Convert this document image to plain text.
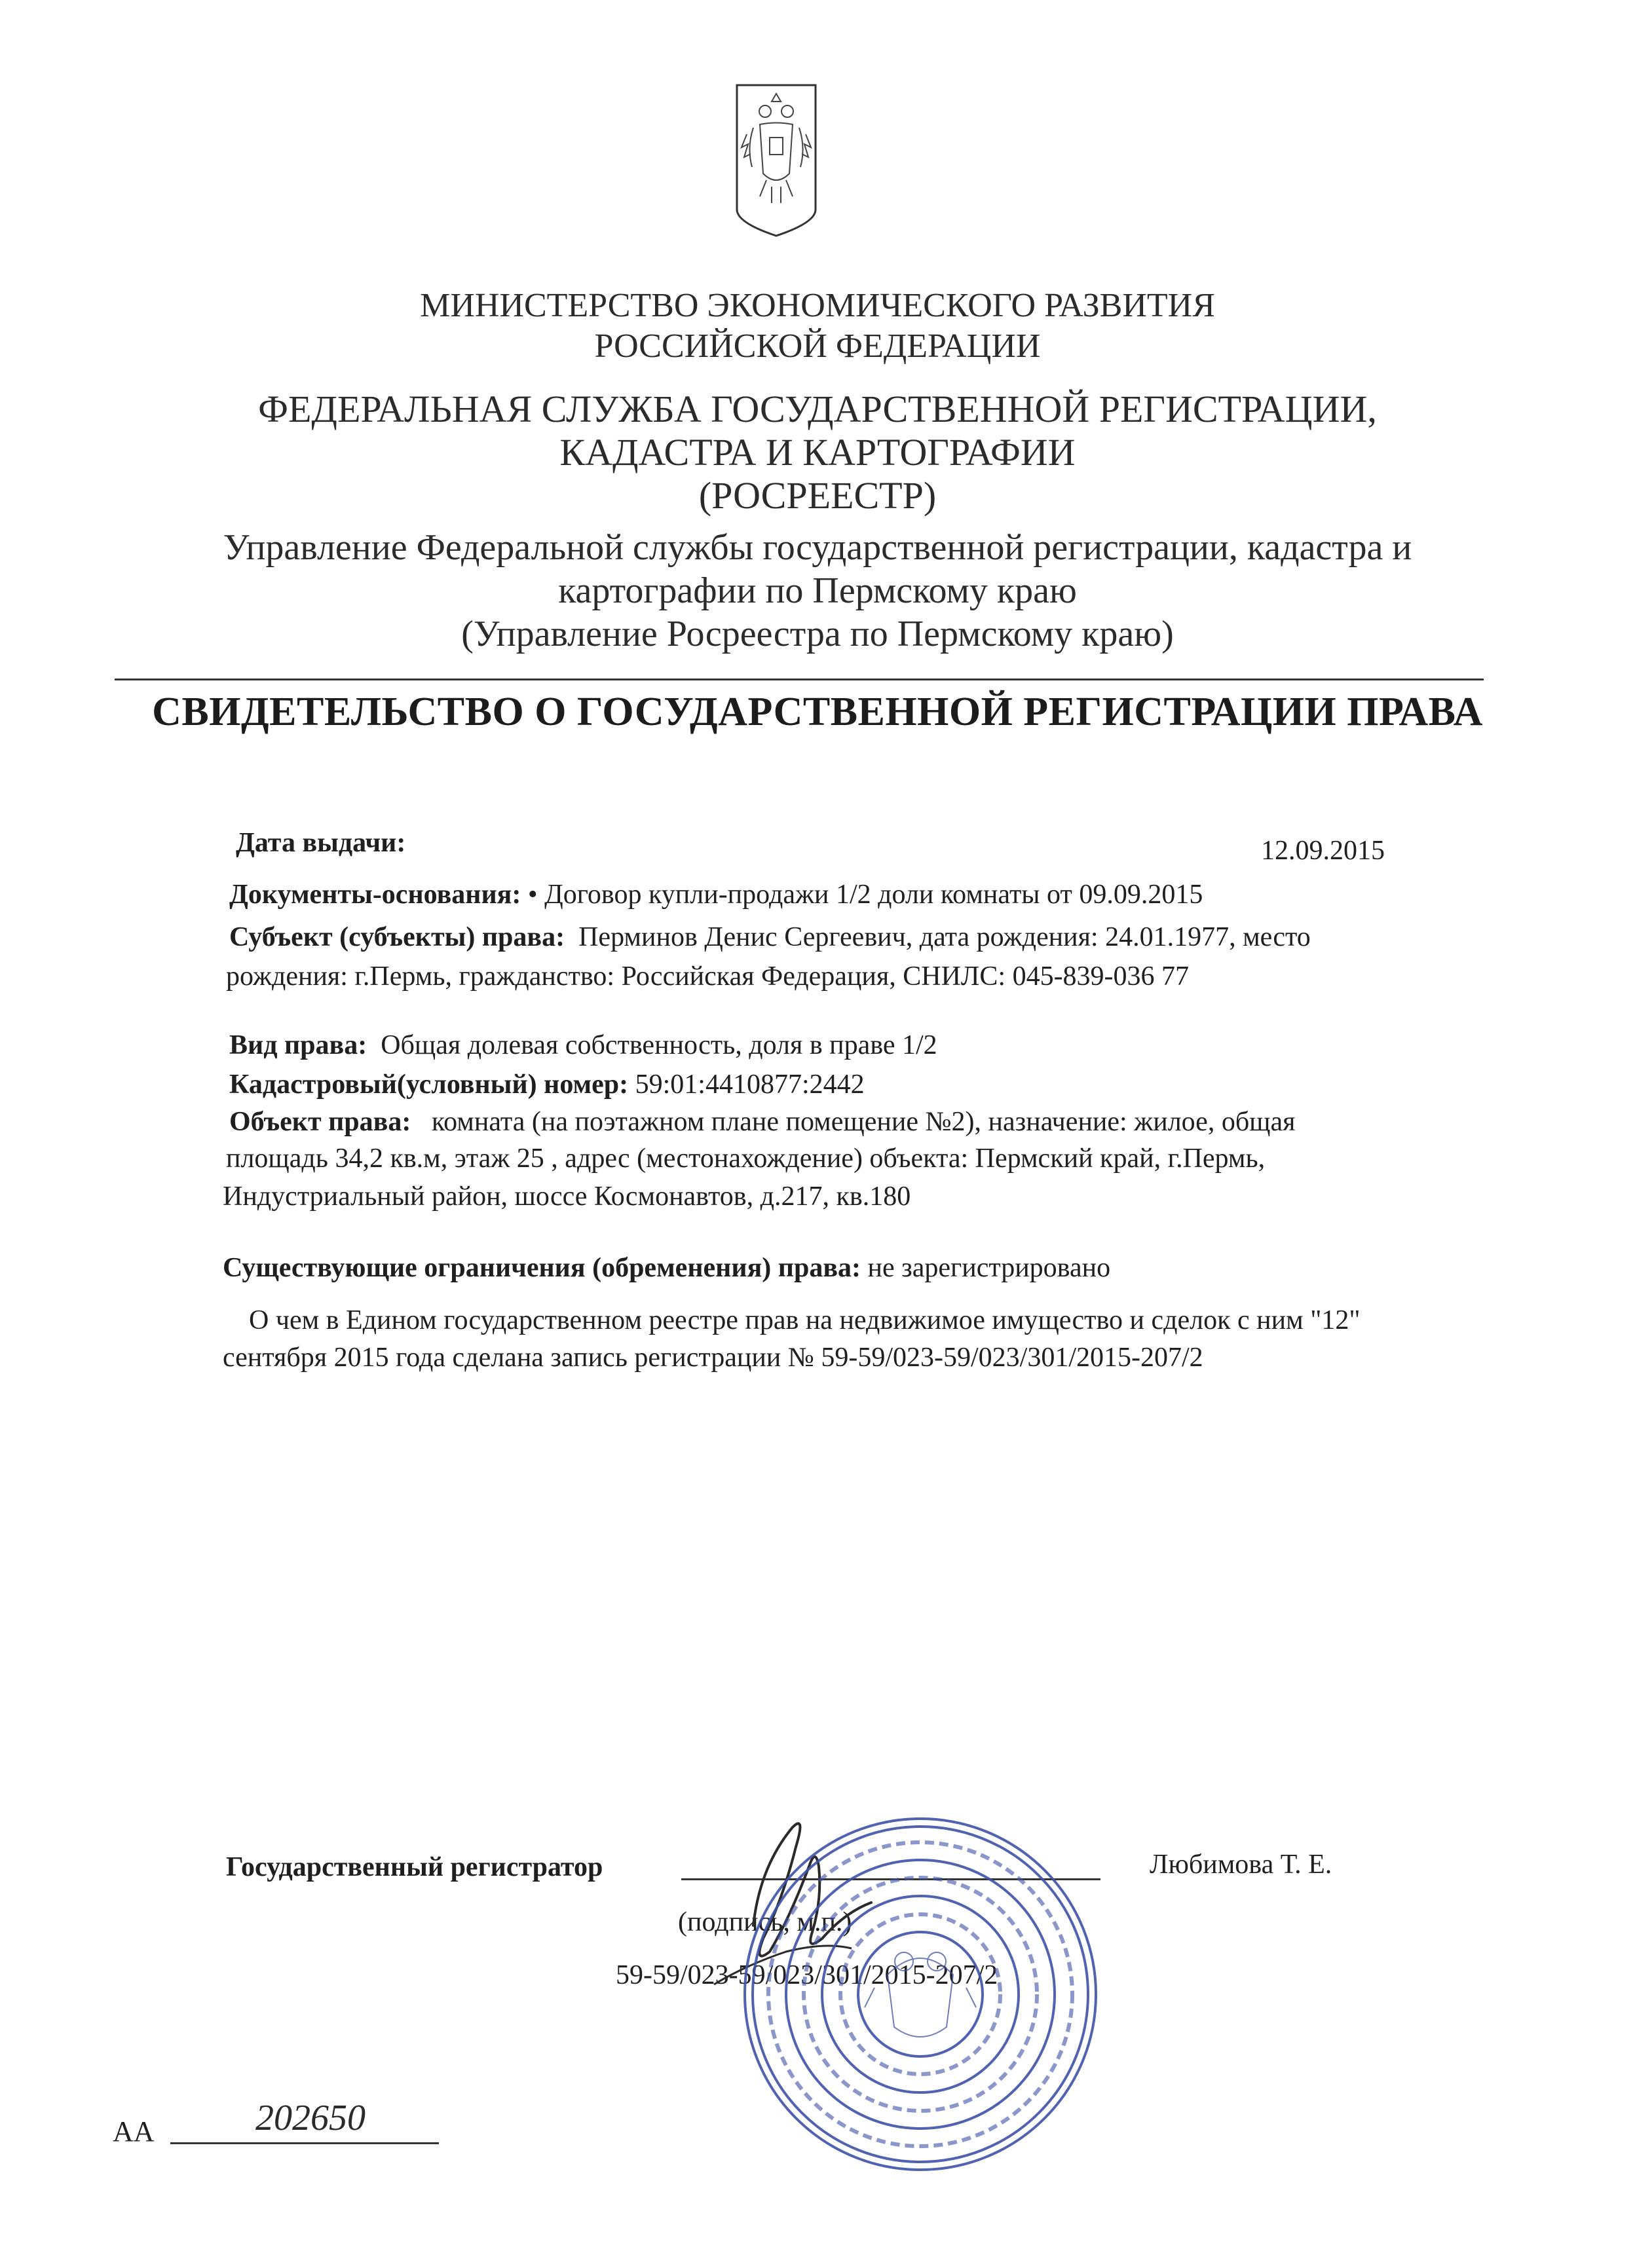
МИНИСТЕРСТВО ЭКОНОМИЧЕСКОГО РАЗВИТИЯ
РОССИЙСКОЙ ФЕДЕРАЦИИ
ФЕДЕРАЛЬНАЯ СЛУЖБА ГОСУДАРСТВЕННОЙ РЕГИСТРАЦИИ,
КАДАСТРА И КАРТОГРАФИИ
(РОСРЕЕСТР)
Управление Федеральной службы государственной регистрации, кадастра и
картографии по Пермскому краю
(Управление Росреестра по Пермскому краю)
СВИДЕТЕЛЬСТВО О ГОСУДАРСТВЕННОЙ РЕГИСТРАЦИИ ПРАВА
Дата выдачи:	12.09.2015
Документы-основания: • Договор купли-продажи 1/2 доли комнаты от 09.09.2015
Субъект (субъекты) права: Перминов Денис Сергеевич, дата рождения: 24.01.1977, место
рождения: г.Пермь, гражданство: Российская Федерация, СНИЛС: 045-839-036 77
Вид права: Общая долевая собственность, доля в праве 1/2
Кадастровый(условный) номер: 59:01:4410877:2442
Объект права: комната (на поэтажном плане помещение №2), назначение: жилое, общая
площадь 34,2 кв.м, этаж 25 , адрес (местонахождение) объекта: Пермский край, г.Пермь,
Индустриальный район, шоссе Космонавтов, д.217, кв.180
Существующие ограничения (обременения) права: не зарегистрировано
О чем в Едином государственном реестре прав на недвижимое имущество и сделок с ним "12"
сентября 2015 года сделана запись регистрации № 59-59/023-59/023/301/2015-207/2
Государственный регистратор	Любимова Т. Е.
(подпись, м.п.)
59-59/023-59/023/301/2015-207/2
АА	202650
